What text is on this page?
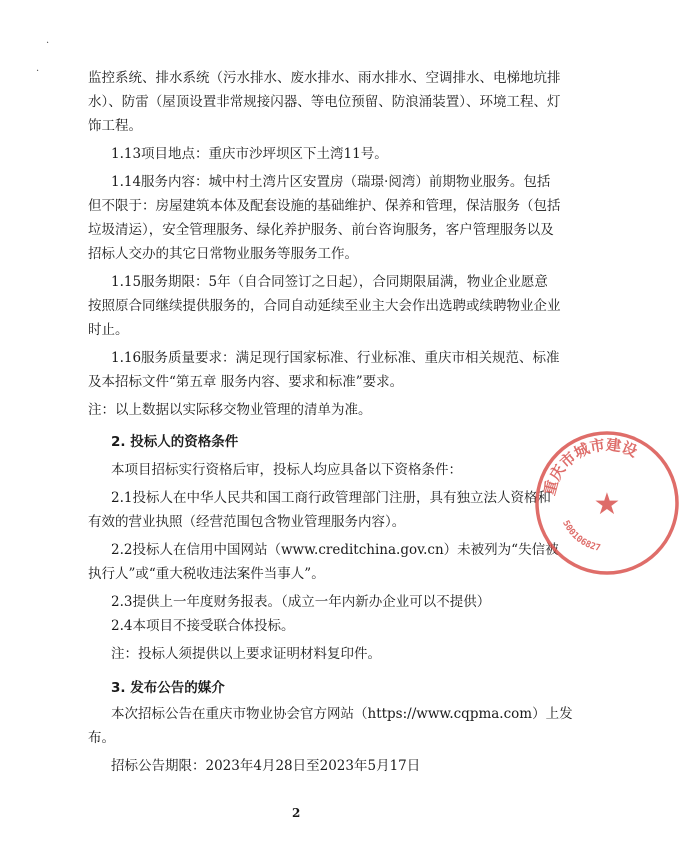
·
·	监控系统、排水系统（污水排水、废水排水、雨水排水、空调排水、电梯地坑排
水）、防雷（屋顶设置非常规接闪器、等电位预留、防浪涌装置）、环境工程、灯
饰工程。
1.13项目地点：重庆市沙坪坝区下土湾11号。
1.14服务内容：城中村土湾片区安置房（瑞璟·阅湾）前期物业服务。包括
但不限于：房屋建筑本体及配套设施的基础维护、保养和管理，保洁服务（包括
垃圾清运），安全管理服务、绿化养护服务、前台咨询服务，客户管理服务以及
招标人交办的其它日常物业服务等服务工作。
1.15服务期限：5年（自合同签订之日起），合同期限届满，物业企业愿意
按照原合同继续提供服务的，合同自动延续至业主大会作出选聘或续聘物业企业
时止。
1.16服务质量要求：满足现行国家标准、行业标准、重庆市相关规范、标准
及本招标文件“第五章 服务内容、要求和标准”要求。
注：以上数据以实际移交物业管理的清单为准。
2. 投标人的资格条件
本项目招标实行资格后审，投标人均应具备以下资格条件：
2.1投标人在中华人民共和国工商行政管理部门注册，具有独立法人资格和
有效的营业执照（经营范围包含物业管理服务内容）。
2.2投标人在信用中国网站（www.creditchina.gov.cn）未被列为“失信被
执行人”或“重大税收违法案件当事人”。
2.3提供上一年度财务报表。（成立一年内新办企业可以不提供）
2.4本项目不接受联合体投标。
注：投标人须提供以上要求证明材料复印件。
3. 发布公告的媒介
本次招标公告在重庆市物业协会官方网站（https://www.cqpma.com）上发
布。
招标公告期限：2023年4月28日至2023年5月17日
2
重庆市城市建设
★
500106827
